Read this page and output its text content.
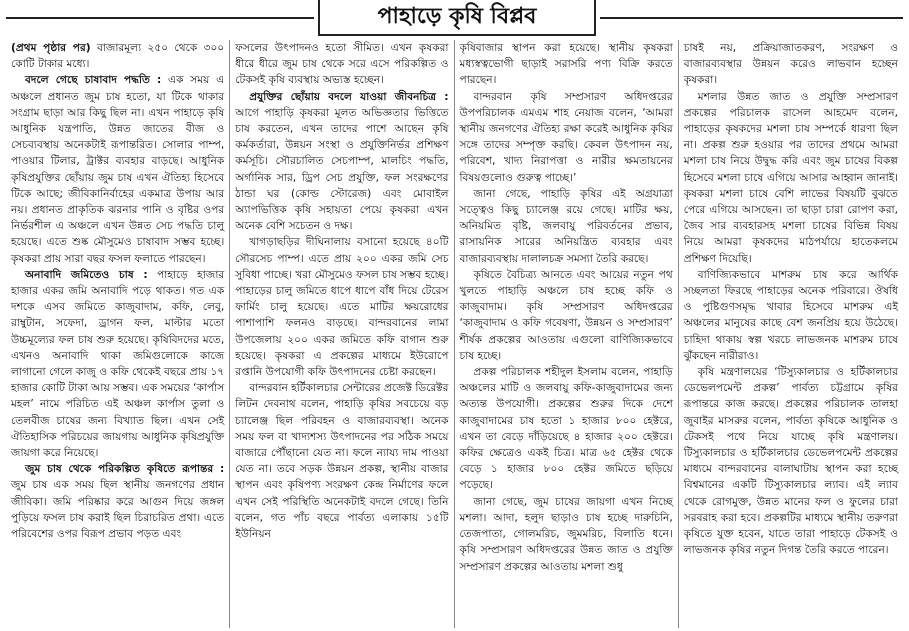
পাহাড়ে কৃষি বিপ্লব

(প্রথম পৃষ্ঠার পর) বাজারমূল্য ২৫০ থেকে ৩০০ কোটি টাকার মধ্যে।

বদলে গেছে চাষাবাদ পদ্ধতি : এক সময় এ অঞ্চলে প্রধানত জুম চাষ হতো, যা টিকে থাকার সংগ্রাম ছাড়া আর কিছু ছিল না। এখন পাহাড়ে কৃষি আধুনিক যন্ত্রপাতি, উন্নত জাতের বীজ ও সেচব্যবস্থায় অনেকটাই রূপান্তরিত। সোলার পাম্প, পাওয়ার টিলার, ট্রাক্টর ব্যবহার বাড়ছে। আধুনিক কৃষিপ্রযুক্তির ছোঁয়ায় জুম চাষ এখন ঐতিহ্য হিসেবে টিকে আছে; জীবিকানির্বাহের একমাত্র উপায় আর নয়। প্রধানত প্রাকৃতিক ঝরনার পানি ও বৃষ্টির ওপর নির্ভরশীল এ অঞ্চলে এখন উন্নত সেচ পদ্ধতি চালু হয়েছে। এতে শুষ্ক মৌসুমেও চাষাবাদ সম্ভব হচ্ছে। কৃষকরা প্রায় সারা বছর ফসল ফলাতে পারছেন।

অনাবাদি জমিতেও চাষ : পাহাড়ে হাজার হাজার একর জমি অনাবাদি পড়ে থাকত। গত এক দশকে এসব জমিতে কাজুবাদাম, কফি, লেবু, রাম্বুটান, সফেদা, ড্রাগন ফল, মাল্টার মতো উচ্চমূল্যের ফল চাষ শুরু হয়েছে। কৃষিবিদদের মতে, এখনও অনাবাদি থাকা জমিগুলোকে কাজে লাগানো গেলে কাজু ও কফি থেকেই বছরে প্রায় ১৭ হাজার কোটি টাকা আয় সম্ভব। এক সময়ের ‘কার্পাস মহল’ নামে পরিচিত এই অঞ্চল কার্পাস তুলা ও তেলবীজ চাষের জন্য বিখ্যাত ছিল। এখন সেই ঐতিহাসিক পরিচয়ের জায়গায় আধুনিক কৃষিপ্রযুক্তি জায়গা করে নিয়েছে।

জুম চাষ থেকে পরিকল্পিত কৃষিতে রূপান্তর : জুম চাষ এক সময় ছিল স্থানীয় জনগণের প্রধান জীবিকা। জমি পরিষ্কার করে আগুন দিয়ে জঙ্গল পুড়িয়ে ফসল চাষ করাই ছিল চিরাচরিত প্রথা। এতে পরিবেশের ওপর বিরূপ প্রভাব পড়ত এবং

ফসলের উৎপাদনও হতো সীমিত। এখন কৃষকরা ধীরে ধীরে জুম চাষ থেকে সরে এসে পরিকল্পিত ও টেকসই কৃষি ব্যবস্থায় অভ্যস্ত হচ্ছেন।

প্রযুক্তির ছোঁয়ায় বদলে যাওয়া জীবনচিত্র : আগে পাহাড়ি কৃষকরা মূলত অভিজ্ঞতার ভিত্তিতে চাষ করতেন, এখন তাদের পাশে আছেন কৃষি কর্মকর্তারা, উন্নয়ন সংস্থা ও প্রযুক্তিনির্ভর প্রশিক্ষণ কর্মসূচি। সৌরচালিত সেচপাম্প, মালচিং পদ্ধতি, অর্গানিক সার, ড্রিপ সেচ প্রযুক্তি, ফল সংরক্ষণের ঠান্ডা ঘর (কোল্ড স্টোরেজ) এবং মোবাইল অ্যাপভিত্তিক কৃষি সহায়তা পেয়ে কৃষকরা এখন অনেক বেশি সচেতন ও দক্ষ।

খাগড়াছড়ির দীঘিনালায় বসানো হয়েছে ৪০টি সৌরসেচ পাম্প। এতে প্রায় ২০০ একর জমি সেচ সুবিধা পাচ্ছে। খরা মৌসুমেও ফসল চাষ সম্ভব হচ্ছে। পাহাড়ের চালু জমিতে ধাপে ধাপে বাঁধ দিয়ে টেরেস ফার্মিং চালু হয়েছে। এতে মাটির ক্ষয়রোধের পাশাপাশি ফলনও বাড়ছে। বান্দরবানের লামা উপজেলায় ২০০ একর জমিতে কফি বাগান শুরু হয়েছে। কৃষকরা এ প্রকল্পের মাধ্যমে ইউরোপে রপ্তানি উপযোগী কফি উৎপাদনের চেষ্টা করছেন।

বান্দরবান হর্টিকালচার সেন্টারের প্রজেক্ট ডিরেক্টর লিটন দেবনাথ বলেন, পাহাড়ি কৃষির সবচেয়ে বড় চ্যালেঞ্জ ছিল পরিবহন ও বাজারব্যবস্থা। অনেক সময় ফল বা খাদ্যশস্য উৎপাদনের পর সঠিক সময়ে বাজারে পৌঁছানো যেত না। ফলে ন্যায্য দাম পাওয়া যেত না। তবে সড়ক উন্নয়ন প্রকল্প, স্থানীয় বাজার স্থাপন এবং কৃষিপণ্য সংরক্ষণ কেন্দ্র নির্মাণের ফলে এখন সেই পরিস্থিতি অনেকটাই বদলে গেছে। তিনি বলেন, গত পাঁচ বছরে পার্বত্য এলাকায় ১৫টি ইউনিয়ন

কৃষিবাজার স্থাপন করা হয়েছে। স্থানীয় কৃষকরা মধ্যস্বত্বভোগী ছাড়াই সরাসরি পণ্য বিক্রি করতে পারছেন।

বান্দরবান কৃষি সম্প্রসারণ অধিদপ্তরের উপপরিচালক এমএম শাহ নেয়াজ বলেন, ‘আমরা স্থানীয় জনগণের ঐতিহ্য রক্ষা করেই আধুনিক কৃষির সঙ্গে তাদের সম্পৃক্ত করছি। কেবল উৎপাদন নয়, পরিবেশ, খাদ্য নিরাপত্তা ও নারীর ক্ষমতায়নের বিষয়গুলোও গুরুত্ব পাচ্ছে।’

জানা গেছে, পাহাড়ি কৃষির এই অগ্রযাত্রা সত্ত্বেও কিছু চ্যালেঞ্জ রয়ে গেছে। মাটির ক্ষয়, অনিয়মিত বৃষ্টি, জলবায়ু পরিবর্তনের প্রভাব, রাসায়নিক সারের অনিয়ন্ত্রিত ব্যবহার এবং বাজারব্যবস্থায় দালালচক্র সমস্যা তৈরি করছে।

কৃষিতে বৈচিত্র্য আনতে এবং আয়ের নতুন পথ খুলতে পাহাড়ি অঞ্চলে চাষ হচ্ছে কফি ও কাজুবাদাম। কৃষি সম্প্রসারণ অধিদপ্তরের ‘কাজুবাদাম ও কফি গবেষণা, উন্নয়ন ও সম্প্রসারণ’ শীর্ষক প্রকল্পের আওতায় এগুলো বাণিজ্যিকভাবে চাষ হচ্ছে।

প্রকল্প পরিচালক শহীদুল ইসলাম বলেন, পাহাড়ি অঞ্চলের মাটি ও জলবায়ু কফি-কাজুবাদামের জন্য অত্যন্ত উপযোগী। প্রকল্পের শুরুর দিকে দেশে কাজুবাদামের চাষ হতো ১ হাজার ৮০০ হেক্টরে, এখন তা বেড়ে দাঁড়িয়েছে ৪ হাজার ২০০ হেক্টরে। কফির ক্ষেত্রেও একই চিত্র। মাত্র ৬৫ হেক্টর থেকে বেড়ে ১ হাজার ৮০০ হেক্টর জমিতে ছড়িয়ে পড়েছে।

জানা গেছে, জুম চাষের জায়গা এখন নিচ্ছে মশলা। আদা, হলুদ ছাড়াও চাষ হচ্ছে দারুচিনি, তেজপাতা, গোলমরিচ, জুমমরিচ, বিলাতি ধনে। কৃষি সম্প্রসারণ অধিদপ্তরের উন্নত জাত ও প্রযুক্তি সম্প্রসারণ প্রকল্পের আওতায় মশলা শুধু

চাষই নয়, প্রক্রিয়াজাতকরণ, সংরক্ষণ ও বাজারব্যবস্থার উন্নয়ন করেও লাভবান হচ্ছেন কৃষকরা।

মশলার উন্নত জাত ও প্রযুক্তি সম্প্রসারণ প্রকল্পের পরিচালক রাসেল আহমেদ বলেন, পাহাড়ের কৃষকদের মশলা চাষ সম্পর্কে ধারণা ছিল না। প্রকল্প শুরু হওয়ার পর তাদের প্রথমে আমরা মশলা চাষ নিয়ে উদ্বুদ্ধ করি এবং জুম চাষের বিকল্প হিসেবে মশলা চাষে এগিয়ে আসার আহ্বান জানাই। কৃষকরা মশলা চাষে বেশি লাভের বিষয়টি বুঝতে পেরে এগিয়ে আসছেন। তা ছাড়া চারা রোপণ করা, জৈব সার ব্যবহারসহ মশলা চাষের বিভিন্ন বিষয় নিয়ে আমরা কৃষকদের মাঠপর্যায়ে হাতেকলমে প্রশিক্ষণ দিয়েছি।

বাণিজ্যিকভাবে মাশরুম চাষ করে আর্থিক সচ্ছলতা ফিরছে পাহাড়ের অনেক পরিবারে। ঔষধি ও পুষ্টিগুণসমৃদ্ধ খাবার হিসেবে মাশরুম এই অঞ্চলের মানুষের কাছে বেশ জনপ্রিয় হয়ে উঠেছে। চাহিদা থাকায় স্বল্প খরচে লাভজনক মাশরুম চাষে ঝুঁকছেন নারীরাও।

কৃষি মন্ত্রণালয়ের ‘টিস্যুকালচার ও হর্টিকালচার ডেভেলপমেন্ট প্রকল্প’ পার্বত্য চট্টগ্রামে কৃষির রূপান্তরে কাজ করছে। প্রকল্পের পরিচালক তালহা জুবাইর মাসরুর বলেন, পার্বত্য কৃষিকে আধুনিক ও টেকসই পথে নিয়ে যাচ্ছে কৃষি মন্ত্রণালয়। টিস্যুকালচার ও হর্টিকালচার ডেভেলপমেন্ট প্রকল্পের মাধ্যমে বান্দরবানের বালাঘাটায় স্থাপন করা হচ্ছে বিশ্বমানের একটি টিস্যুকালচার ল্যাব। এই ল্যাব থেকে রোগমুক্ত, উন্নত মানের ফল ও ফুলের চারা সরবরাহ করা হবে। প্রকল্পটির মাধ্যমে স্থানীয় তরুণরা কৃষিতে যুক্ত হবেন, যাতে তারা পাহাড়ে টেকসই ও লাভজনক কৃষির নতুন দিগন্ত তৈরি করতে পারেন।
